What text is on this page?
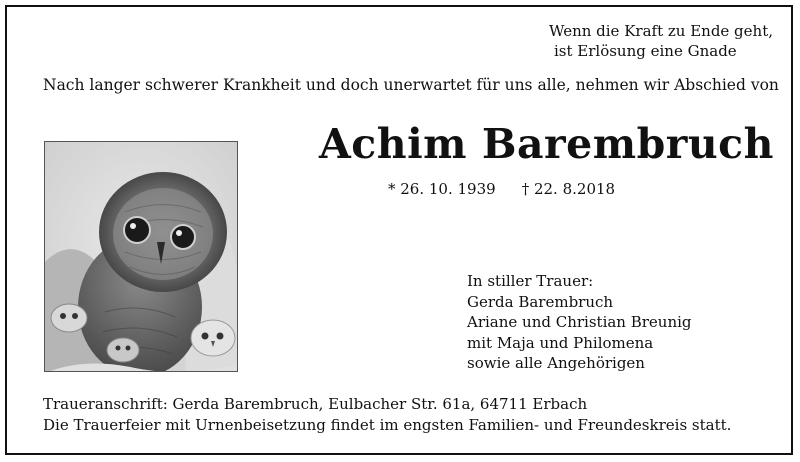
Wenn die Kraft zu Ende geht,
ist Erlösung eine Gnade
Nach langer schwerer Krankheit und doch unerwartet für uns alle, nehmen wir Abschied von
Achim Barembruch
* 26. 10. 1939 † 22. 8.2018
In stiller Trauer:
Gerda Barembruch
Ariane und Christian Breunig
mit Maja und Philomena
sowie alle Angehörigen
Traueranschrift: Gerda Barembruch, Eulbacher Str. 61a, 64711 Erbach
Die Trauerfeier mit Urnenbeisetzung findet im engsten Familien- und Freundeskreis statt.
